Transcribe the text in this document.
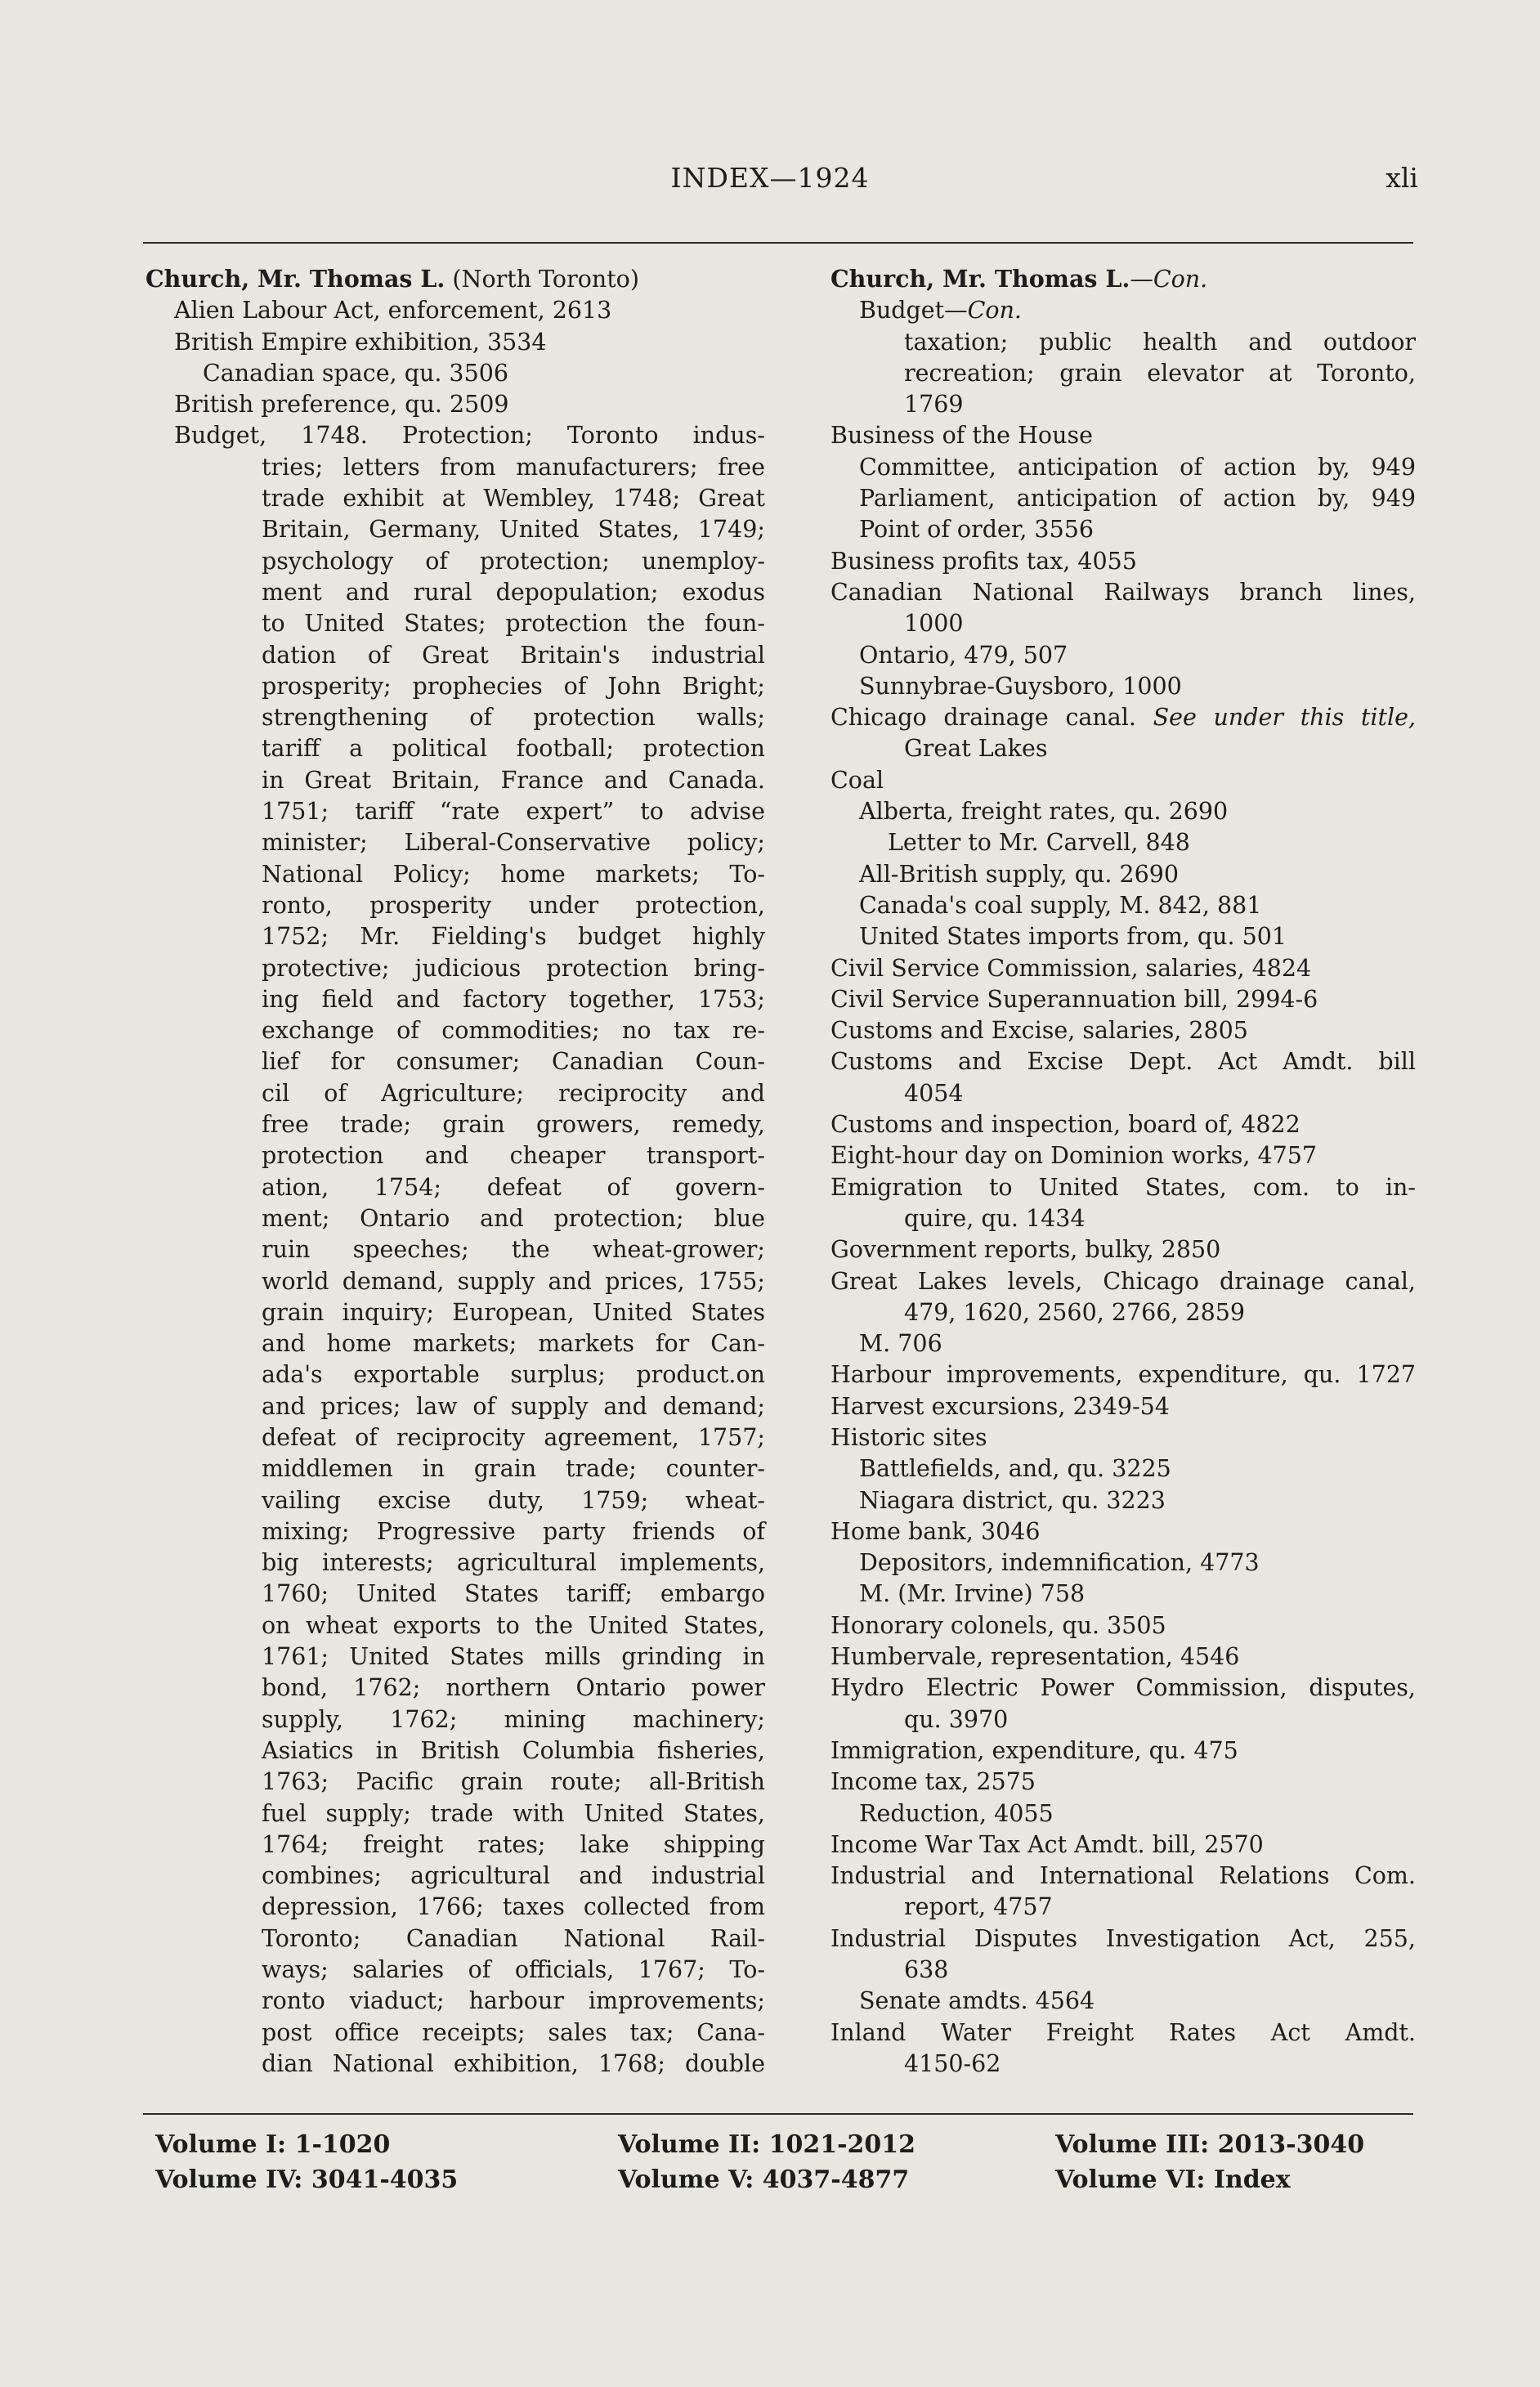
INDEX—1924	xli
Church, Mr. Thomas L. (North Toronto)
Alien Labour Act, enforcement, 2613
British Empire exhibition, 3534
Canadian space, qu. 3506
British preference, qu. 2509
Budget, 1748. Protection; Toronto indus-
tries; letters from manufacturers; free
trade exhibit at Wembley, 1748; Great
Britain, Germany, United States, 1749;
psychology of protection; unemploy-
ment and rural depopulation; exodus
to United States; protection the foun-
dation of Great Britain's industrial
prosperity; prophecies of John Bright;
strengthening of protection walls;
tariff a political football; protection
in Great Britain, France and Canada.
1751; tariff “rate expert” to advise
minister; Liberal-Conservative policy;
National Policy; home markets; To-
ronto, prosperity under protection,
1752; Mr. Fielding's budget highly
protective; judicious protection bring-
ing field and factory together, 1753;
exchange of commodities; no tax re-
lief for consumer; Canadian Coun-
cil of Agriculture; reciprocity and
free trade; grain growers, remedy,
protection and cheaper transport-
ation, 1754; defeat of govern-
ment; Ontario and protection; blue
ruin speeches; the wheat-grower;
world demand, supply and prices, 1755;
grain inquiry; European, United States
and home markets; markets for Can-
ada's exportable surplus; product.on
and prices; law of supply and demand;
defeat of reciprocity agreement, 1757;
middlemen in grain trade; counter-
vailing excise duty, 1759; wheat-
mixing; Progressive party friends of
big interests; agricultural implements,
1760; United States tariff; embargo
on wheat exports to the United States,
1761; United States mills grinding in
bond, 1762; northern Ontario power
supply, 1762; mining machinery;
Asiatics in British Columbia fisheries,
1763; Pacific grain route; all-British
fuel supply; trade with United States,
1764; freight rates; lake shipping
combines; agricultural and industrial
depression, 1766; taxes collected from
Toronto; Canadian National Rail-
ways; salaries of officials, 1767; To-
ronto viaduct; harbour improvements;
post office receipts; sales tax; Cana-
dian National exhibition, 1768; double
Church, Mr. Thomas L.—Con.
Budget—Con.
taxation; public health and outdoor
recreation; grain elevator at Toronto,
1769
Business of the House
Committee, anticipation of action by, 949
Parliament, anticipation of action by, 949
Point of order, 3556
Business profits tax, 4055
Canadian National Railways branch lines,
1000
Ontario, 479, 507
Sunnybrae-Guysboro, 1000
Chicago drainage canal. See under this title,
Great Lakes
Coal
Alberta, freight rates, qu. 2690
Letter to Mr. Carvell, 848
All-British supply, qu. 2690
Canada's coal supply, M. 842, 881
United States imports from, qu. 501
Civil Service Commission, salaries, 4824
Civil Service Superannuation bill, 2994-6
Customs and Excise, salaries, 2805
Customs and Excise Dept. Act Amdt. bill
4054
Customs and inspection, board of, 4822
Eight-hour day on Dominion works, 4757
Emigration to United States, com. to in-
quire, qu. 1434
Government reports, bulky, 2850
Great Lakes levels, Chicago drainage canal,
479, 1620, 2560, 2766, 2859
M. 706
Harbour improvements, expenditure, qu. 1727
Harvest excursions, 2349-54
Historic sites
Battlefields, and, qu. 3225
Niagara district, qu. 3223
Home bank, 3046
Depositors, indemnification, 4773
M. (Mr. Irvine) 758
Honorary colonels, qu. 3505
Humbervale, representation, 4546
Hydro Electric Power Commission, disputes,
qu. 3970
Immigration, expenditure, qu. 475
Income tax, 2575
Reduction, 4055
Income War Tax Act Amdt. bill, 2570
Industrial and International Relations Com.
report, 4757
Industrial Disputes Investigation Act, 255,
638
Senate amdts. 4564
Inland Water Freight Rates Act Amdt.
4150-62
Volume I: 1-1020
Volume IV: 3041-4035
Volume II: 1021-2012
Volume V: 4037-4877
Volume III: 2013-3040
Volume VI: Index
